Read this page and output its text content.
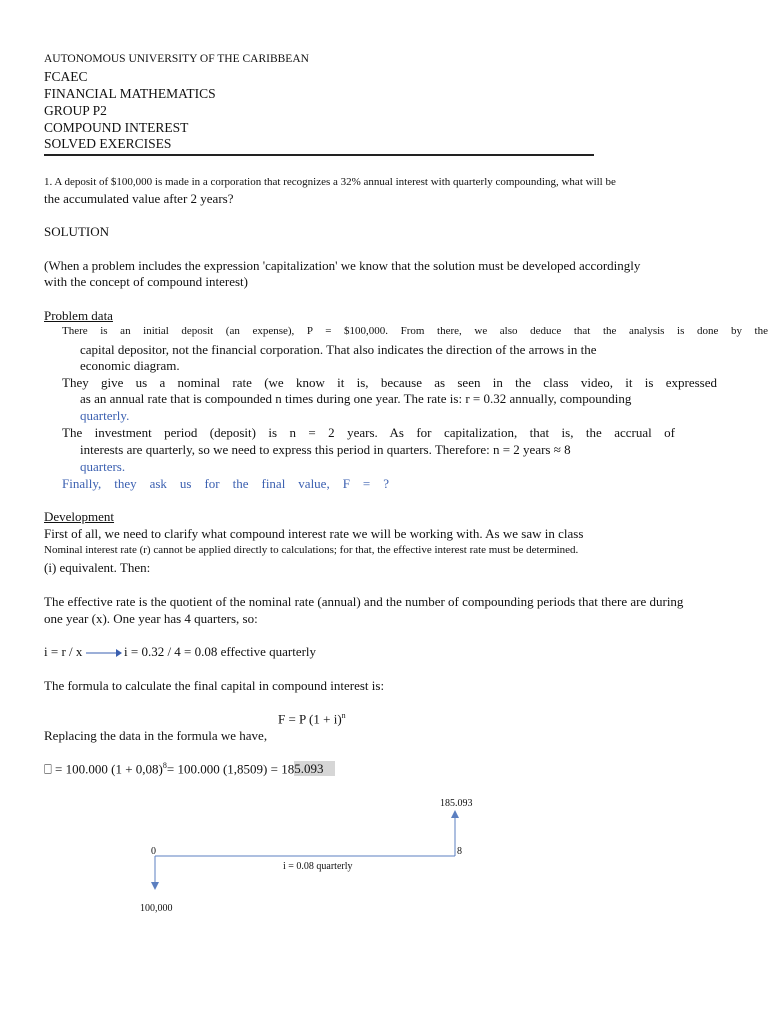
AUTONOMOUS UNIVERSITY OF THE CARIBBEAN
FCAEC
FINANCIAL MATHEMATICS
GROUP P2
COMPOUND INTEREST
SOLVED EXERCISES
1. A deposit of $100,000 is made in a corporation that recognizes a 32% annual interest with quarterly compounding, what will be
the accumulated value after 2 years?
SOLUTION
(When a problem includes the expression 'capitalization' we know that the solution must be developed accordingly
with the concept of compound interest)
Problem data
There is an initial deposit (an expense), P = $100,000. From there, we also deduce that the analysis is done by the
capital depositor, not the financial corporation. That also indicates the direction of the arrows in the
economic diagram.
They give us a nominal rate (we know it is, because as seen in the class video, it is expressed
as an annual rate that is compounded n times during one year. The rate is: r = 0.32 annually, compounding
quarterly.
The investment period (deposit) is n = 2 years. As for capitalization, that is, the accrual of
interests are quarterly, so we need to express this period in quarters. Therefore: n = 2 years ≈ 8
quarters.
Finally, they ask us for the final value, F = ?
Development
First of all, we need to clarify what compound interest rate we will be working with. As we saw in class
Nominal interest rate (r) cannot be applied directly to calculations; for that, the effective interest rate must be determined.
(i) equivalent. Then:
The effective rate is the quotient of the nominal rate (annual) and the number of compounding periods that there are during
one year (x). One year has 4 quarters, so:
i = r / x	i = 0.32 / 4 = 0.08 effective quarterly
The formula to calculate the final capital in compound interest is:
F = P $(1 + i)^n$
Replacing the data in the formula we have,
⎕ = 100.000 $(1 + 0,08)^8= 100.000$ (1,8509) = 185.093
185.093
0	8
i = 0.08 quarterly
100,000
